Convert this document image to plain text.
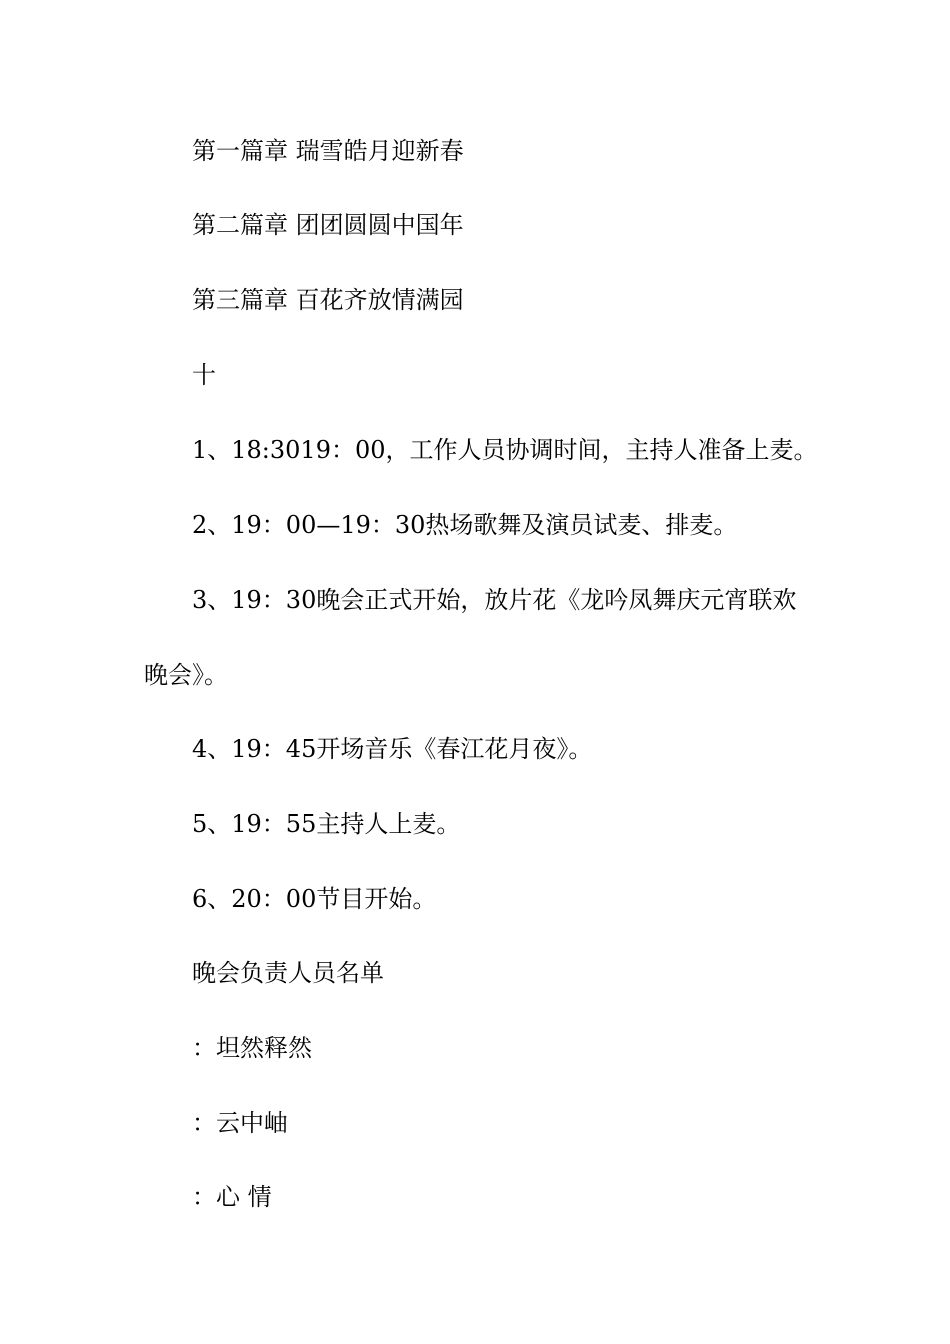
第一篇章 瑞雪皓月迎新春
第二篇章 团团圆圆中国年
第三篇章 百花齐放情满园
十
1、18:3019：00，工作人员协调时间，主持人准备上麦。
2、19：00—19：30热场歌舞及演员试麦、排麦。
3、19：30晚会正式开始，放片花《龙吟凤舞庆元宵联欢
晚会》。
4、19：45开场音乐《春江花月夜》。
5、19：55主持人上麦。
6、20：00节目开始。
晚会负责人员名单
：坦然释然
：云中岫
：心 情
